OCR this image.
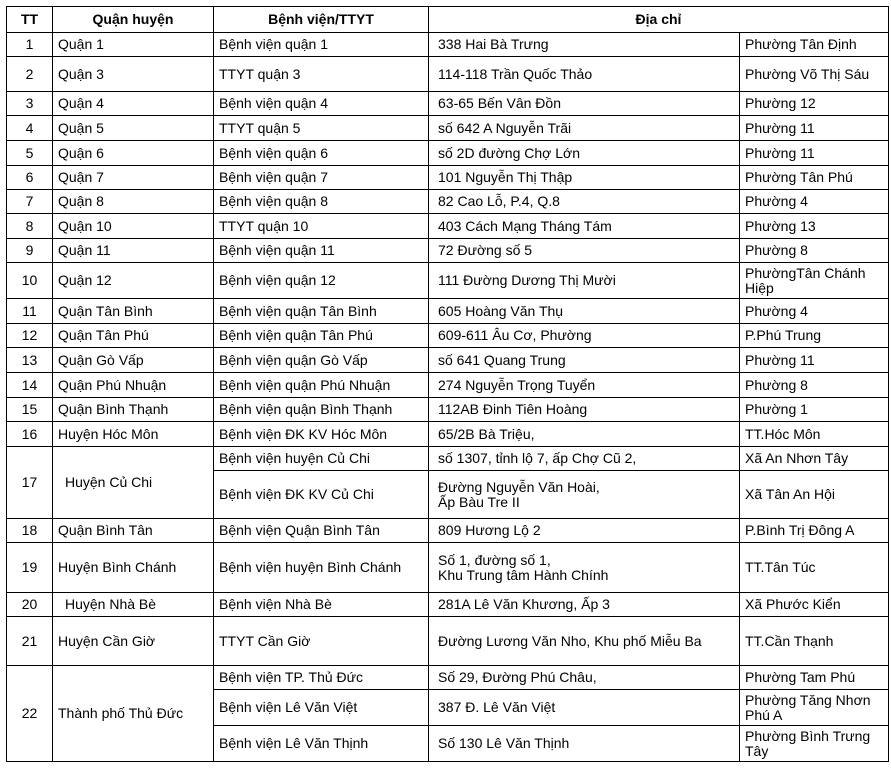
TT	Quận huyện	Bệnh viện/TTYT	Địa chỉ	
1	Quận 1	Bệnh viện quận 1	338 Hai Bà Trưng	Phường Tân Định
2	Quận 3	TTYT quận 3	114-118 Trần Quốc Thảo	Phường Võ Thị Sáu
3	Quận 4	Bệnh viện quận 4	63-65 Bến Vân Đồn	Phường 12
4	Quận 5	TTYT quận 5	số 642 A Nguyễn Trãi	Phường 11
5	Quận 6	Bệnh viện quận 6	số 2D đường Chợ Lớn	Phường 11
6	Quận 7	Bệnh viện quận 7	101 Nguyễn Thị Thập	Phường Tân Phú
7	Quận 8	Bệnh viện quận 8	82 Cao Lỗ, P.4, Q.8	Phường 4
8	Quận 10	TTYT quận 10	403 Cách Mạng Tháng Tám	Phường 13
9	Quận 11	Bệnh viện quận 11	72 Đường số 5	Phường 8
10	Quận 12	Bệnh viện quận 12	111 Đường Dương Thị Mười	PhườngTân Chánh Hiệp
11	Quận Tân Bình	Bệnh viện quận Tân Bình	605 Hoàng Văn Thụ	Phường 4
12	Quận Tân Phú	Bệnh viện quận Tân Phú	609-611 Âu Cơ, Phường	P.Phú Trung
13	Quận Gò Vấp	Bệnh viện quận Gò Vấp	số 641 Quang Trung	Phường 11
14	Quận Phú Nhuận	Bệnh viện quận Phú Nhuận	274 Nguyễn Trọng Tuyển	Phường 8
15	Quận Bình Thạnh	Bệnh viện quận Bình Thạnh	112AB Đinh Tiên Hoàng	Phường 1
16	Huyện Hóc Môn	Bệnh viện ĐK KV Hóc Môn	65/2B Bà Triệu,	TT.Hóc Môn
17	Huyện Củ Chi	Bệnh viện huyện Củ Chi	số 1307, tỉnh lộ 7, ấp Chợ Cũ 2,	Xã An Nhơn Tây
		Bệnh viện ĐK KV Củ Chi	Đường Nguyễn Văn Hoài,
Ấp Bàu Tre II	Xã Tân An Hội
18	Quận Bình Tân	Bệnh viện Quận Bình Tân	809 Hương Lộ 2	P.Bình Trị Đông A
19	Huyện Bình Chánh	Bệnh viện huyện Bình Chánh	Số 1, đường số 1,
Khu Trung tâm Hành Chính	TT.Tân Túc
20	Huyện Nhà Bè	Bệnh viện Nhà Bè	281A Lê Văn Khương, Ấp 3	Xã Phước Kiển
21	Huyện Cần Giờ	TTYT Cần Giờ	Đường Lương Văn Nho, Khu phố Miễu Ba	TT.Cần Thạnh
22	Thành phố Thủ Đức	Bệnh viện TP. Thủ Đức	Số 29, Đường Phú Châu,	Phường Tam Phú
		Bệnh viện Lê Văn Việt	387 Đ. Lê Văn Việt	Phường Tăng Nhơn Phú A
		Bệnh viện Lê Văn Thịnh	Số 130 Lê Văn Thịnh	Phường Bình Trưng Tây
